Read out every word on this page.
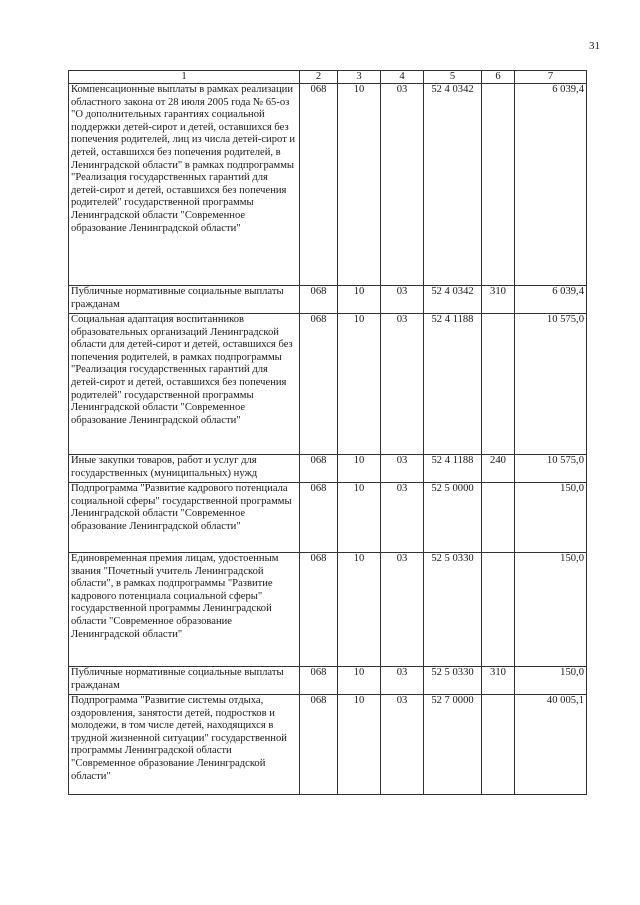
31
1	2	3	4	5	6	7
Компенсационные выплаты в рамках реализации областного закона от 28 июля 2005 года № 65-оз "О дополнительных гарантиях социальной поддержки детей-сирот и детей, оставшихся без попечения родителей, лиц из числа детей-сирот и детей, оставшихся без попечения родителей, в Ленинградской области" в рамках подпрограммы "Реализация государственных гарантий для детей-сирот и детей, оставшихся без попечения родителей" государственной программы Ленинградской области "Современное образование Ленинградской области"	068	10	03	52 4 0342		6 039,4
Публичные нормативные социальные выплаты гражданам	068	10	03	52 4 0342	310	6 039,4
Социальная адаптация воспитанников образовательных организаций Ленинградской области для детей-сирот и детей, оставшихся без попечения родителей, в рамках подпрограммы "Реализация государственных гарантий для детей-сирот и детей, оставшихся без попечения родителей" государственной программы Ленинградской области "Современное образование Ленинградской области"	068	10	03	52 4 1188		10 575,0
Иные закупки товаров, работ и услуг для государственных (муниципальных) нужд	068	10	03	52 4 1188	240	10 575,0
Подпрограмма "Развитие кадрового потенциала социальной сферы" государственной программы Ленинградской области "Современное образование Ленинградской области"	068	10	03	52 5 0000		150,0
Единовременная премия лицам, удостоенным звания "Почетный учитель Ленинградской области", в рамках подпрограммы "Развитие кадрового потенциала социальной сферы" государственной программы Ленинградской области "Современное образование Ленинградской области"	068	10	03	52 5 0330		150,0
Публичные нормативные социальные выплаты гражданам	068	10	03	52 5 0330	310	150,0
Подпрограмма "Развитие системы отдыха, оздоровления, занятости детей, подростков и молодежи, в том числе детей, находящихся в трудной жизненной ситуации" государственной программы Ленинградской области "Современное образование Ленинградской области"	068	10	03	52 7 0000		40 005,1
